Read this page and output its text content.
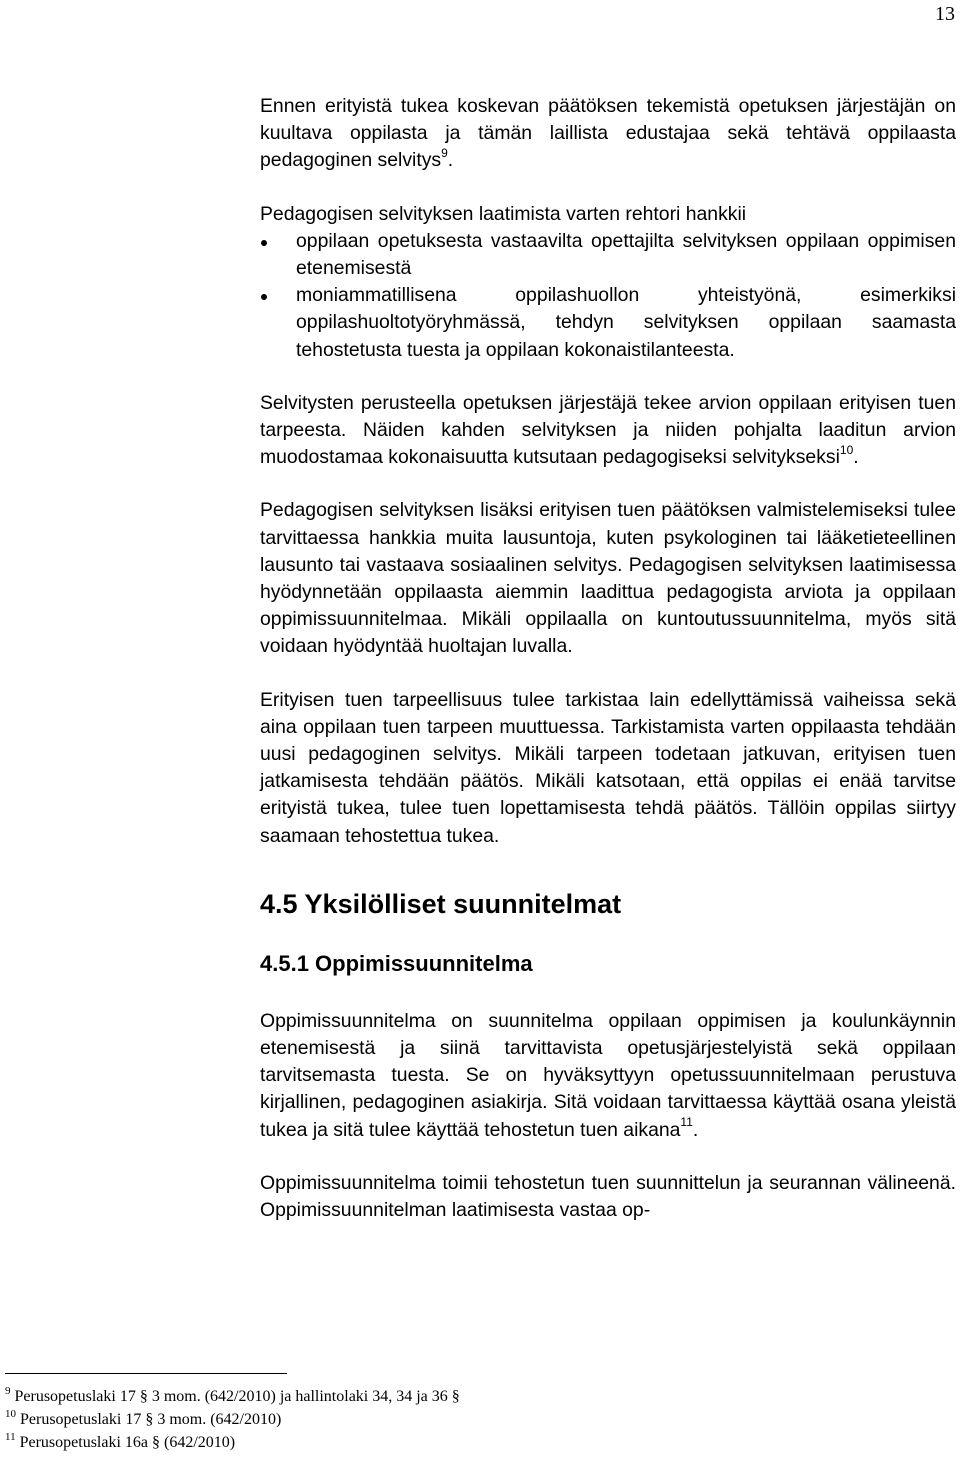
13

Ennen erityistä tukea koskevan päätöksen tekemistä opetuksen järjestäjän on kuultava oppilasta ja tämän laillista edustajaa sekä tehtävä oppilaasta pedagoginen selvitys$^9$.

Pedagogisen selvityksen laatimista varten rehtori hankkii

oppilaan opetuksesta vastaavilta opettajilta selvityksen oppilaan oppimisen etenemisestä
moniammatillisena oppilashuollon yhteistyönä, esimerkiksi oppilashuoltotyöryhmässä, tehdyn selvityksen oppilaan saamasta tehostetusta tuesta ja oppilaan kokonaistilanteesta.

Selvitysten perusteella opetuksen järjestäjä tekee arvion oppilaan erityisen tuen tarpeesta. Näiden kahden selvityksen ja niiden pohjalta laaditun arvion muodostamaa kokonaisuutta kutsutaan pedagogiseksi selvitykseksi$^{10}$.

Pedagogisen selvityksen lisäksi erityisen tuen päätöksen valmistelemiseksi tulee tarvittaessa hankkia muita lausuntoja, kuten psykologinen tai lääketieteellinen lausunto tai vastaava sosiaalinen selvitys. Pedagogisen selvityksen laatimisessa hyödynnetään oppilaasta aiemmin laadittua pedagogista arviota ja oppilaan oppimissuunnitelmaa. Mikäli oppilaalla on kuntoutussuunnitelma, myös sitä voidaan hyödyntää huoltajan luvalla.

Erityisen tuen tarpeellisuus tulee tarkistaa lain edellyttämissä vaiheissa sekä aina oppilaan tuen tarpeen muuttuessa. Tarkistamista varten oppilaasta tehdään uusi pedagoginen selvitys. Mikäli tarpeen todetaan jatkuvan, erityisen tuen jatkamisesta tehdään päätös. Mikäli katsotaan, että oppilas ei enää tarvitse erityistä tukea, tulee tuen lopettamisesta tehdä päätös. Tällöin oppilas siirtyy saamaan tehostettua tukea.

4.5 Yksilölliset suunnitelmat
4.5.1 Oppimissuunnitelma

Oppimissuunnitelma on suunnitelma oppilaan oppimisen ja koulunkäynnin etenemisestä ja siinä tarvittavista opetusjärjestelyistä sekä oppilaan tarvitsemasta tuesta. Se on hyväksyttyyn opetussuunnitelmaan perustuva kirjallinen, pedagoginen asiakirja. Sitä voidaan tarvittaessa käyttää osana yleistä tukea ja sitä tulee käyttää tehostetun tuen aikana$^{11}$.

Oppimissuunnitelma toimii tehostetun tuen suunnittelun ja seurannan välineenä. Oppimissuunnitelman laatimisesta vastaa op-

$^9$ Perusopetuslaki 17 § 3 mom. (642/2010) ja hallintolaki 34, 34 ja 36 §
$^{10}$ Perusopetuslaki 17 § 3 mom. (642/2010)
$^{11}$ Perusopetuslaki 16a § (642/2010)
